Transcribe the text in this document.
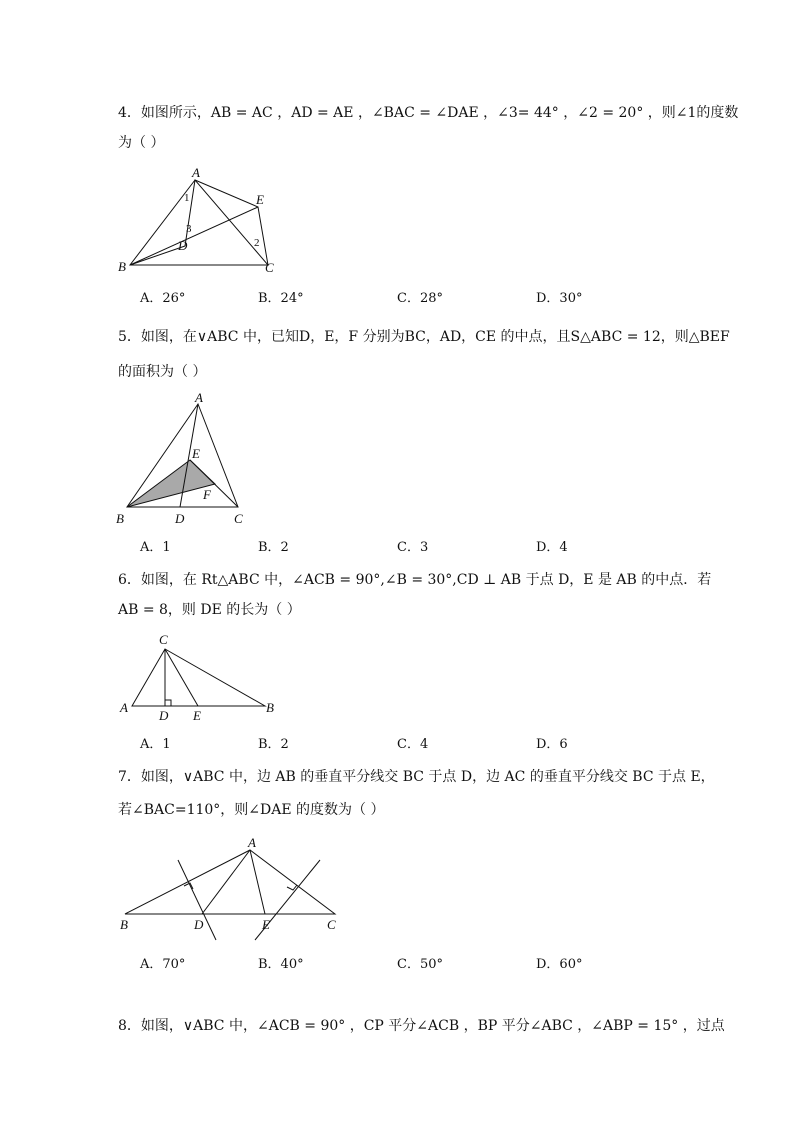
4．如图所示，AB = AC ，AD = AE ，∠BAC = ∠DAE ，∠3= 44° ，∠2 = 20° ，则∠1的度数
为（ ）
A
B	C
D
E
1
2
3
A．26°	B．24°	C．28°	D．30°
5．如图，在∨ABC 中，已知D，E，F 分别为BC，AD，CE 的中点，且S△ABC = 12，则△BEF
的面积为（ ）
A
B	C
D
E
F
A．1	B．2	C．3	D．4
6．如图，在 Rt△ABC 中，∠ACB = 90°,∠B = 30°,CD ⊥ AB 于点 D，E 是 AB 的中点．若
AB = 8，则 DE 的长为（ ）
C
A	B
D E
A．1	B．2	C．4	D．6
7．如图，∨ABC 中，边 AB 的垂直平分线交 BC 于点 D，边 AC 的垂直平分线交 BC 于点 E，
若∠BAC=110°，则∠DAE 的度数为（ ）
A
B	C
D	E
A．70°	B．40°	C．50°	D．60°
8．如图，∨ABC 中，∠ACB = 90° ，CP 平分∠ACB ，BP 平分∠ABC ，∠ABP = 15° ，过点
